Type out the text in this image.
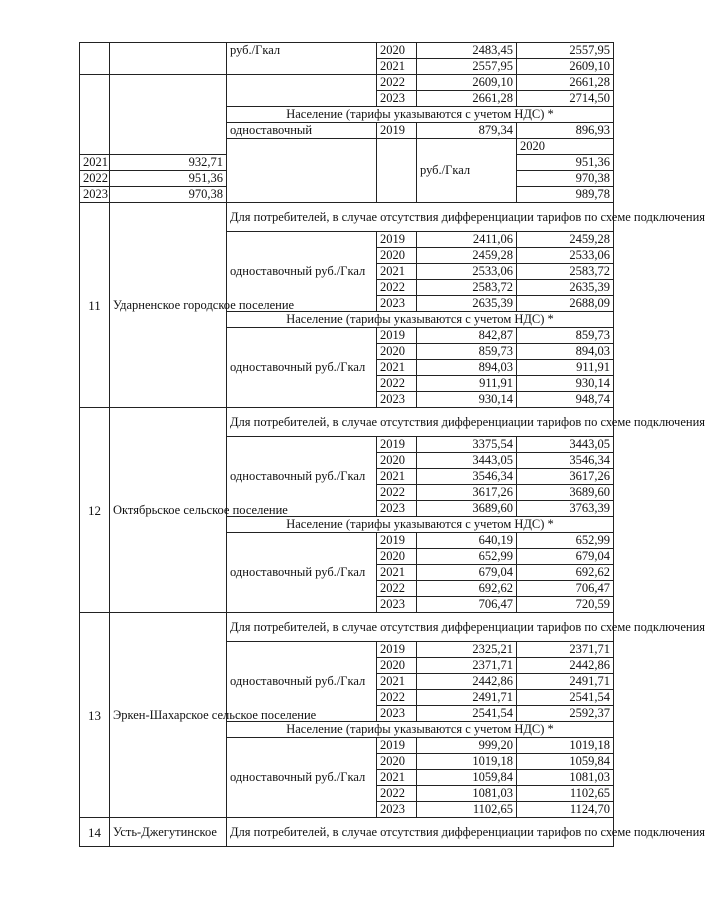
		руб./Гкал	2020	2483,45	2557,95	
			2021	2557,95	2609,10	
			2022	2609,10	2661,28	
			2023	2661,28	2714,50	
		Население (тарифы указываются с учетом НДС) *				
		одноставочный	2019	879,34	896,93	
				руб./Гкал	2020		
2021	932,71				951,36	
2022	951,36				970,38	
2023	970,38				989,78	
11	Ударненское городское поселение	Для потребителей, в случае отсутствия дифференциации тарифов по схеме подключения				
		одноставочный руб./Гкал	2019	2411,06	2459,28	
			2020	2459,28	2533,06	
			2021	2533,06	2583,72	
			2022	2583,72	2635,39	
			2023	2635,39	2688,09	
		Население (тарифы указываются с учетом НДС) *				
		одноставочный руб./Гкал	2019	842,87	859,73	
			2020	859,73	894,03	
			2021	894,03	911,91	
			2022	911,91	930,14	
			2023	930,14	948,74	
12	Октябрьское сельское поселение	Для потребителей, в случае отсутствия дифференциации тарифов по схеме подключения				
		одноставочный руб./Гкал	2019	3375,54	3443,05	
			2020	3443,05	3546,34	
			2021	3546,34	3617,26	
			2022	3617,26	3689,60	
			2023	3689,60	3763,39	
		Население (тарифы указываются с учетом НДС) *				
		одноставочный руб./Гкал	2019	640,19	652,99	
			2020	652,99	679,04	
			2021	679,04	692,62	
			2022	692,62	706,47	
			2023	706,47	720,59	
13	Эркен-Шахарское сельское поселение	Для потребителей, в случае отсутствия дифференциации тарифов по схеме подключения				
		одноставочный руб./Гкал	2019	2325,21	2371,71	
			2020	2371,71	2442,86	
			2021	2442,86	2491,71	
			2022	2491,71	2541,54	
			2023	2541,54	2592,37	
		Население (тарифы указываются с учетом НДС) *				
		одноставочный руб./Гкал	2019	999,20	1019,18	
			2020	1019,18	1059,84	
			2021	1059,84	1081,03	
			2022	1081,03	1102,65	
			2023	1102,65	1124,70	
14	Усть-Джегутинское	Для потребителей, в случае отсутствия дифференциации тарифов по схеме подключения				
